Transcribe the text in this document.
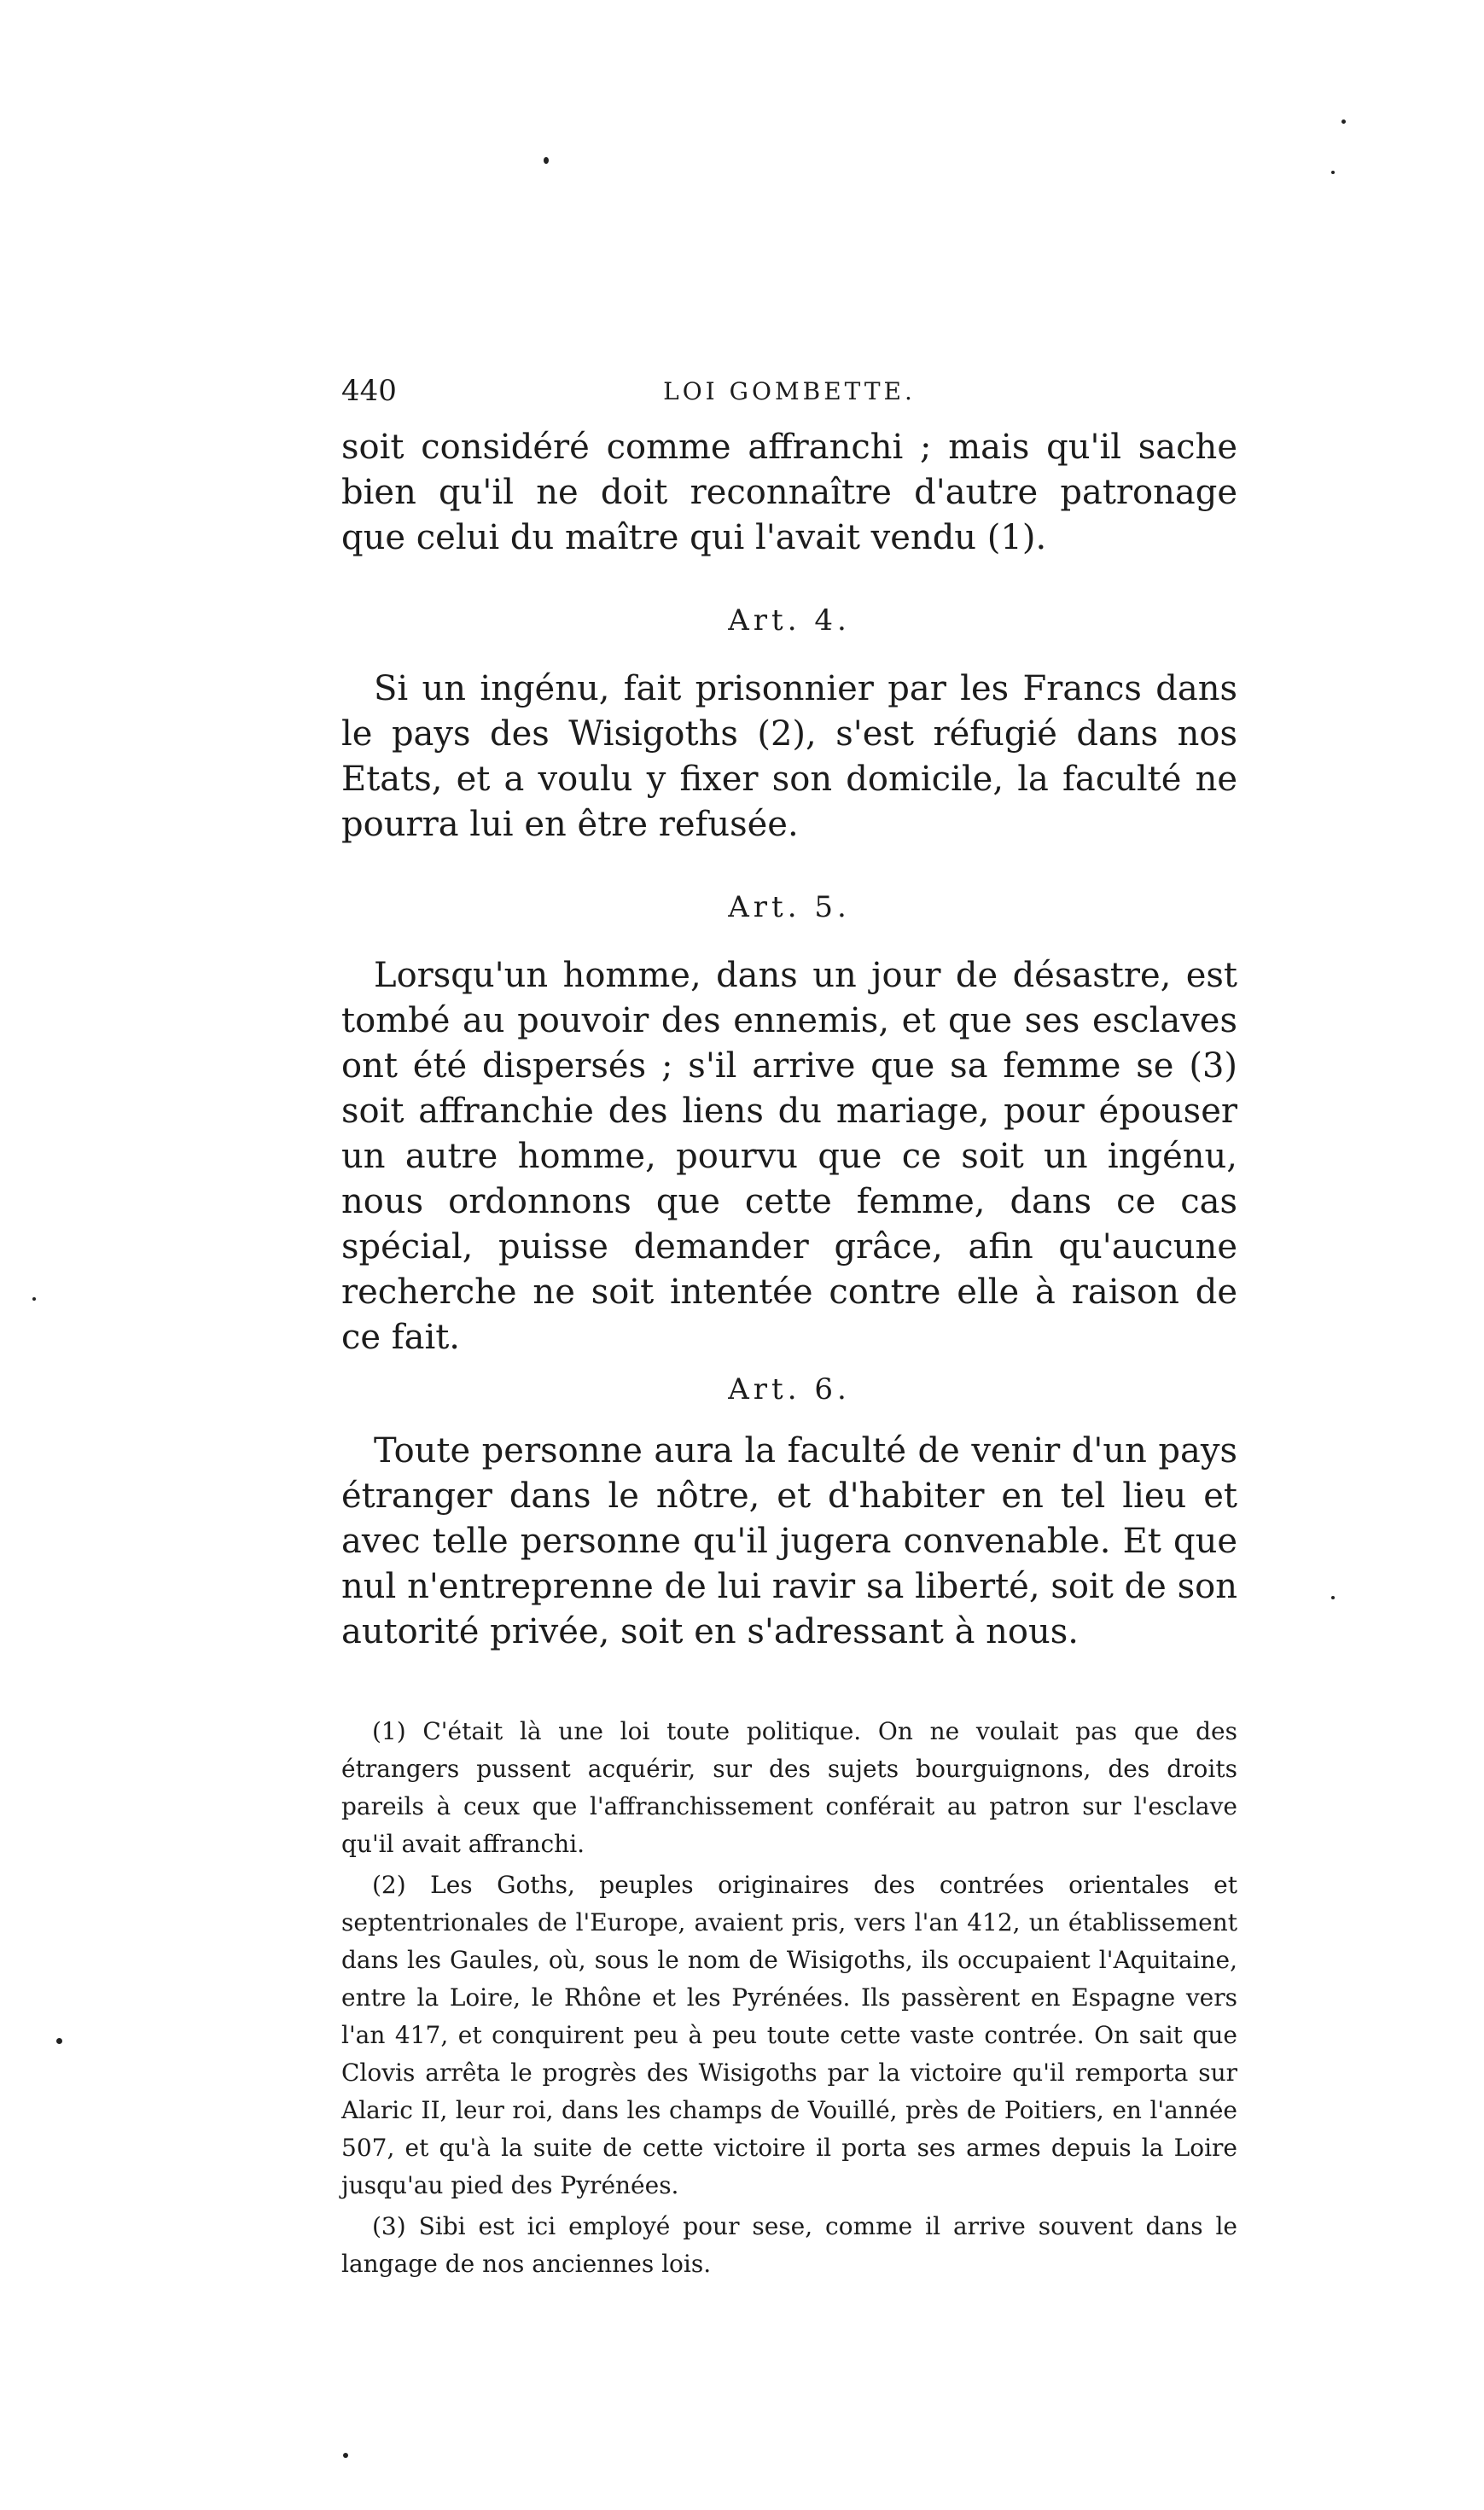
440	LOI GOMBETTE.

soit considéré comme affranchi ; mais qu'il sache bien qu'il ne doit reconnaître d'autre patronage que celui du maître qui l'avait vendu (1).

Art. 4.

Si un ingénu, fait prisonnier par les Francs dans le pays des Wisigoths (2), s'est réfugié dans nos Etats, et a voulu y fixer son domicile, la faculté ne pourra lui en être refusée.

Art. 5.

Lorsqu'un homme, dans un jour de désastre, est tombé au pouvoir des ennemis, et que ses esclaves ont été dispersés ; s'il arrive que sa femme se (3) soit affranchie des liens du mariage, pour épouser un autre homme, pourvu que ce soit un ingénu, nous ordonnons que cette femme, dans ce cas spécial, puisse demander grâce, afin qu'aucune recherche ne soit intentée contre elle à raison de ce fait.

Art. 6.

Toute personne aura la faculté de venir d'un pays étranger dans le nôtre, et d'habiter en tel lieu et avec telle personne qu'il jugera convenable. Et que nul n'entreprenne de lui ravir sa liberté, soit de son autorité privée, soit en s'adressant à nous.

(1) C'était là une loi toute politique. On ne voulait pas que des étrangers pussent acquérir, sur des sujets bourguignons, des droits pareils à ceux que l'affranchissement conférait au patron sur l'esclave qu'il avait affranchi.

(2) Les Goths, peuples originaires des contrées orientales et septentrionales de l'Europe, avaient pris, vers l'an 412, un établissement dans les Gaules, où, sous le nom de Wisigoths, ils occupaient l'Aquitaine, entre la Loire, le Rhône et les Pyrénées. Ils passèrent en Espagne vers l'an 417, et conquirent peu à peu toute cette vaste contrée. On sait que Clovis arrêta le progrès des Wisigoths par la victoire qu'il remporta sur Alaric II, leur roi, dans les champs de Vouillé, près de Poitiers, en l'année 507, et qu'à la suite de cette victoire il porta ses armes depuis la Loire jusqu'au pied des Pyrénées.

(3) Sibi est ici employé pour sese, comme il arrive souvent dans le langage de nos anciennes lois.
